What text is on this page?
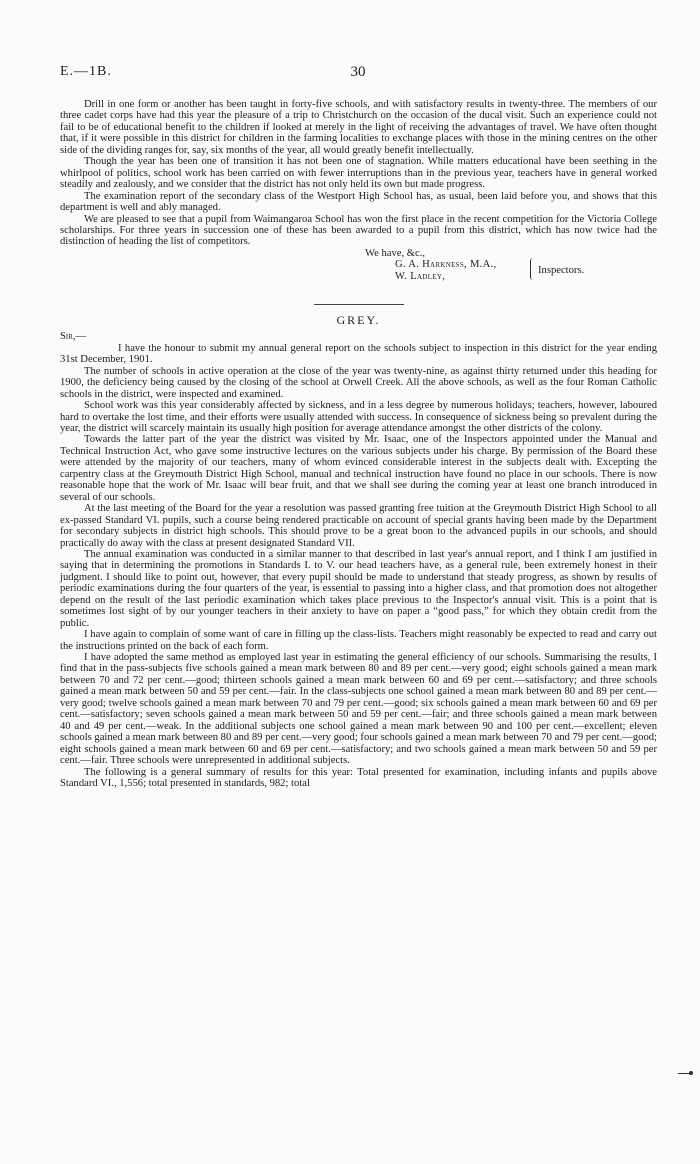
E.—1B.	30

Drill in one form or another has been taught in forty-five schools, and with satisfactory results in twenty-three. The members of our three cadet corps have had this year the pleasure of a trip to Christchurch on the occasion of the ducal visit. Such an experience could not fail to be of educational benefit to the children if looked at merely in the light of receiving the advantages of travel. We have often thought that, if it were possible in this district for children in the farming localities to exchange places with those in the mining centres on the other side of the dividing ranges for, say, six months of the year, all would greatly benefit intellectually.

Though the year has been one of transition it has not been one of stagnation. While matters educational have been seething in the whirlpool of politics, school work has been carried on with fewer interruptions than in the previous year, teachers have in general worked steadily and zealously, and we consider that the district has not only held its own but made progress.

The examination report of the secondary class of the Westport High School has, as usual, been laid before you, and shows that this department is well and ably managed.

We are pleased to see that a pupil from Waimangaroa School has won the first place in the recent competition for the Victoria College scholarships. For three years in succession one of these has been awarded to a pupil from this district, which has now twice had the distinction of heading the list of competitors.

We have, &c.,
G. A. Harkness, M.A.,
W. Ladley,
Inspectors.
GREY.

Sir,—

I have the honour to submit my annual general report on the schools subject to inspection in this district for the year ending 31st December, 1901.

The number of schools in active operation at the close of the year was twenty-nine, as against thirty returned under this heading for 1900, the deficiency being caused by the closing of the school at Orwell Creek. All the above schools, as well as the four Roman Catholic schools in the district, were inspected and examined.

School work was this year considerably affected by sickness, and in a less degree by numerous holidays; teachers, however, laboured hard to overtake the lost time, and their efforts were usually attended with success. In consequence of sickness being so prevalent during the year, the district will scarcely maintain its usually high position for average attendance amongst the other districts of the colony.

Towards the latter part of the year the district was visited by Mr. Isaac, one of the Inspectors appointed under the Manual and Technical Instruction Act, who gave some instructive lectures on the various subjects under his charge. By permission of the Board these were attended by the majority of our teachers, many of whom evinced considerable interest in the subjects dealt with. Excepting the carpentry class at the Greymouth District High School, manual and technical instruction have found no place in our schools. There is now reasonable hope that the work of Mr. Isaac will bear fruit, and that we shall see during the coming year at least one branch introduced in several of our schools.

At the last meeting of the Board for the year a resolution was passed granting free tuition at the Greymouth District High School to all ex-passed Standard VI. pupils, such a course being rendered practicable on account of special grants having been made by the Department for secondary subjects in district high schools. This should prove to be a great boon to the advanced pupils in our schools, and should practically do away with the class at present designated Standard VII.

The annual examination was conducted in a similar manner to that described in last year's annual report, and I think I am justified in saying that in determining the promotions in Standards I. to V. our head teachers have, as a general rule, been extremely honest in their judgment. I should like to point out, however, that every pupil should be made to understand that steady progress, as shown by results of periodic examinations during the four quarters of the year, is essential to passing into a higher class, and that promotion does not altogether depend on the result of the last periodic examination which takes place previous to the Inspector's annual visit. This is a point that is sometimes lost sight of by our younger teachers in their anxiety to have on paper a “good pass,” for which they obtain credit from the public.

I have again to complain of some want of care in filling up the class-lists. Teachers might reasonably be expected to read and carry out the instructions printed on the back of each form.

I have adopted the same method as employed last year in estimating the general efficiency of our schools. Summarising the results, I find that in the pass-subjects five schools gained a mean mark between 80 and 89 per cent.—very good; eight schools gained a mean mark between 70 and 72 per cent.—good; thirteen schools gained a mean mark between 60 and 69 per cent.—satisfactory; and three schools gained a mean mark between 50 and 59 per cent.—fair. In the class-subjects one school gained a mean mark between 80 and 89 per cent.—very good; twelve schools gained a mean mark between 70 and 79 per cent.—good; six schools gained a mean mark between 60 and 69 per cent.—satisfactory; seven schools gained a mean mark between 50 and 59 per cent.—fair; and three schools gained a mean mark between 40 and 49 per cent.—weak. In the additional subjects one school gained a mean mark between 90 and 100 per cent.—excellent; eleven schools gained a mean mark between 80 and 89 per cent.—very good; four schools gained a mean mark between 70 and 79 per cent.—good; eight schools gained a mean mark between 60 and 69 per cent.—satisfactory; and two schools gained a mean mark between 50 and 59 per cent.—fair. Three schools were unrepresented in additional subjects.

The following is a general summary of results for this year: Total presented for examination, including infants and pupils above Standard VI., 1,556; total presented in standards, 982; total
